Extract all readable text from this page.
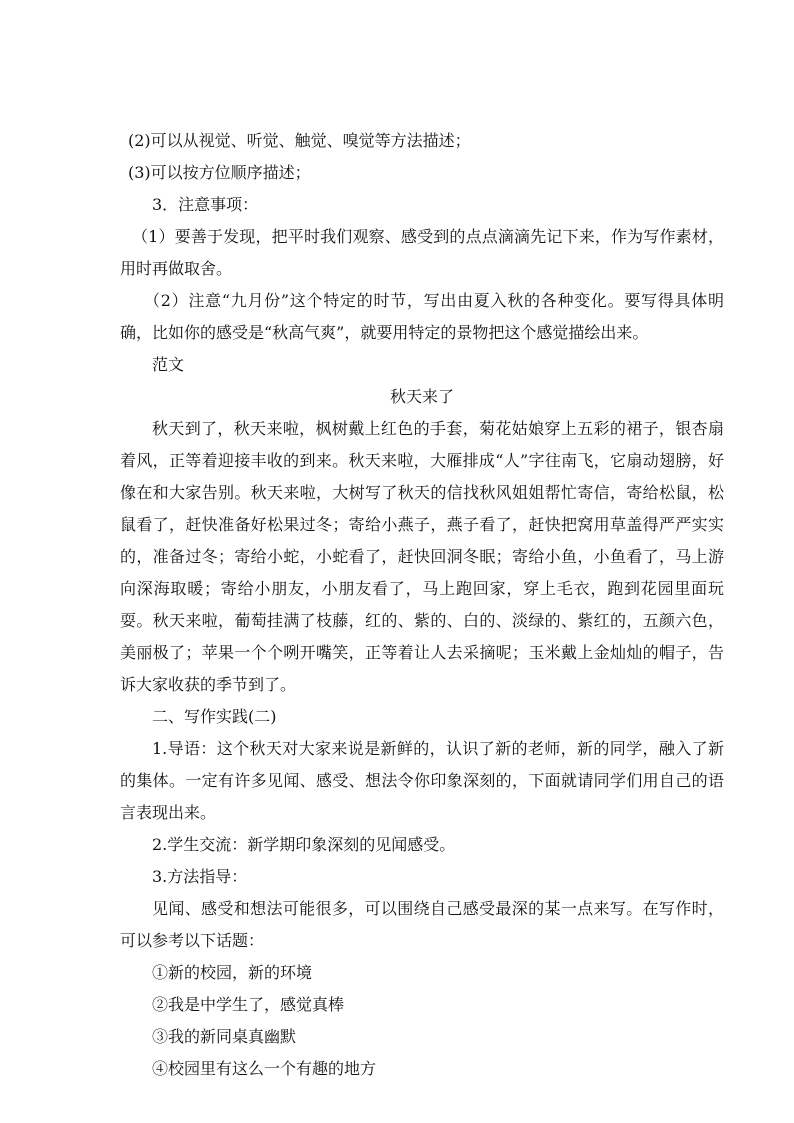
(2)可以从视觉、听觉、触觉、嗅觉等方法描述；

(3)可以按方位顺序描述；

3．注意事项：

（1）要善于发现，把平时我们观察、感受到的点点滴滴先记下来，作为写作素材，用时再做取舍。

（2）注意“九月份”这个特定的时节，写出由夏入秋的各种变化。要写得具体明确，比如你的感受是“秋高气爽”，就要用特定的景物把这个感觉描绘出来。

范文

秋天来了

秋天到了，秋天来啦，枫树戴上红色的手套，菊花姑娘穿上五彩的裙子，银杏扇着风，正等着迎接丰收的到来。秋天来啦，大雁排成“人”字往南飞，它扇动翅膀，好像在和大家告别。秋天来啦，大树写了秋天的信找秋风姐姐帮忙寄信，寄给松鼠，松鼠看了，赶快准备好松果过冬；寄给小燕子，燕子看了，赶快把窝用草盖得严严实实的，准备过冬；寄给小蛇，小蛇看了，赶快回洞冬眠；寄给小鱼，小鱼看了，马上游向深海取暖；寄给小朋友，小朋友看了，马上跑回家，穿上毛衣，跑到花园里面玩耍。秋天来啦，葡萄挂满了枝藤，红的、紫的、白的、淡绿的、紫红的，五颜六色，美丽极了；苹果一个个咧开嘴笑，正等着让人去采摘呢；玉米戴上金灿灿的帽子，告诉大家收获的季节到了。

二、写作实践(二)

1.导语：这个秋天对大家来说是新鲜的，认识了新的老师，新的同学，融入了新的集体。一定有许多见闻、感受、想法令你印象深刻的，下面就请同学们用自己的语言表现出来。

2.学生交流：新学期印象深刻的见闻感受。

3.方法指导：

见闻、感受和想法可能很多，可以围绕自己感受最深的某一点来写。在写作时，可以参考以下话题：

①新的校园，新的环境

②我是中学生了，感觉真棒

③我的新同桌真幽默

④校园里有这么一个有趣的地方
